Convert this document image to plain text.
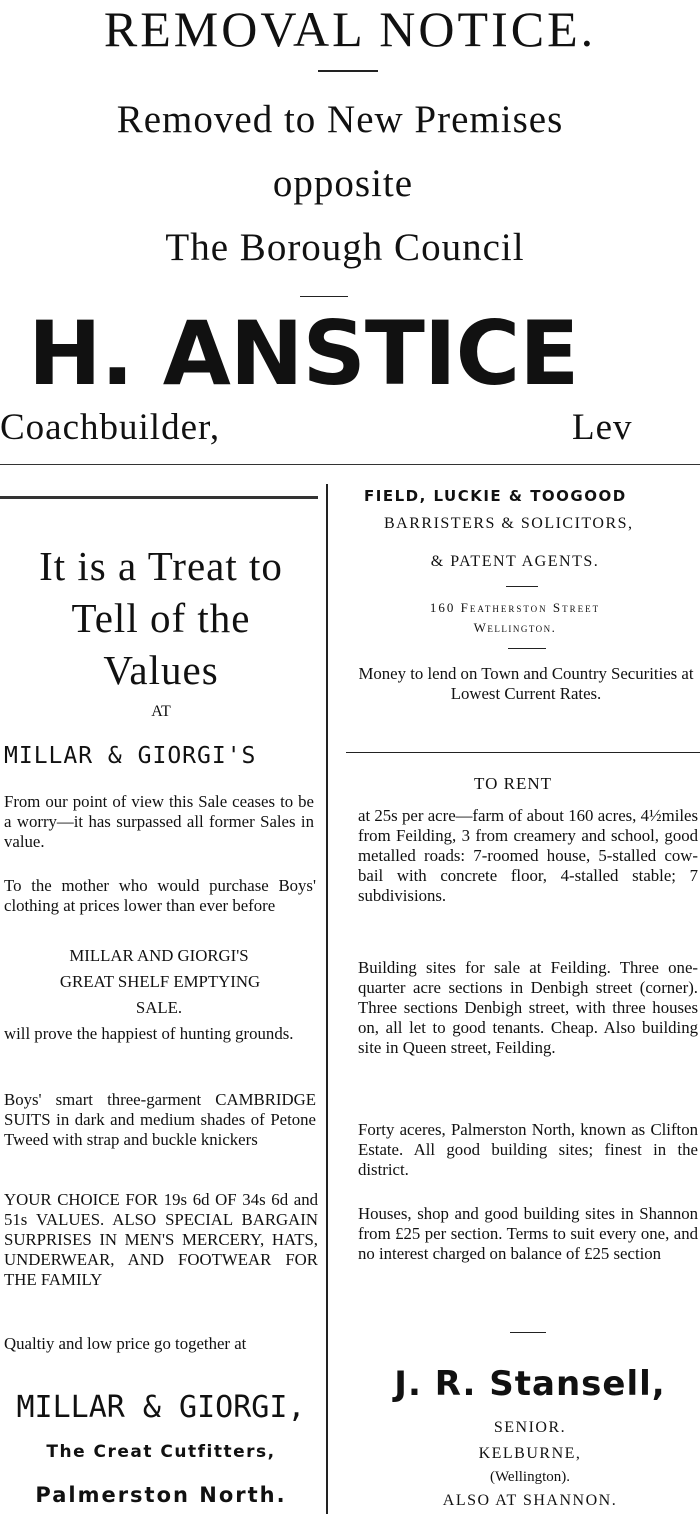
REMOVAL NOTICE.
Removed to New Premises
opposite
The Borough Council
H. ANSTICE
Coachbuilder,	Lev
It is a Treat to
Tell of the
Values
AT
MILLAR & GIORGI'S
From our point of view this Sale ceases to be a worry—it has surpassed all former Sales in value.
To the mother who would purchase Boys' clothing at prices lower than ever before
MILLAR AND GIORGI'S
GREAT SHELF EMPTYING
SALE.
will prove the happiest of hunting grounds.
Boys' smart three-garment CAMBRIDGE SUITS in dark and medium shades of Petone Tweed with strap and buckle knickers
YOUR CHOICE FOR 19s 6d OF 34s 6d and 51s VALUES. ALSO SPECIAL BARGAIN SURPRISES IN MEN'S MERCERY, HATS, UNDERWEAR, AND FOOTWEAR FOR THE FAMILY
Qualtiy and low price go together at
MILLAR & GIORGI,
The Creat Cutfitters,
Palmerston North.
FIELD, LUCKIE & TOOGOOD
BARRISTERS & SOLICITORS,
& PATENT AGENTS.
160 Featherston Street
Wellington.
Money to lend on Town and Country Securities at Lowest Current Rates.
TO RENT
at 25s per acre—farm of about 160 acres, 4½miles from Feilding, 3 from creamery and school, good metalled roads: 7-roomed house, 5-stalled cow-bail with concrete floor, 4-stalled stable; 7 subdivisions.
Building sites for sale at Feilding. Three one-quarter acre sections in Denbigh street (corner). Three sections Denbigh street, with three houses on, all let to good tenants. Cheap. Also building site in Queen street, Feilding.
Forty aceres, Palmerston North, known as Clifton Estate. All good building sites; finest in the district.
Houses, shop and good building sites in Shannon from £25 per section. Terms to suit every one, and no interest charged on balance of £25 section
J. R. Stansell,
SENIOR.
KELBURNE,
(Wellington).
ALSO AT SHANNON.
